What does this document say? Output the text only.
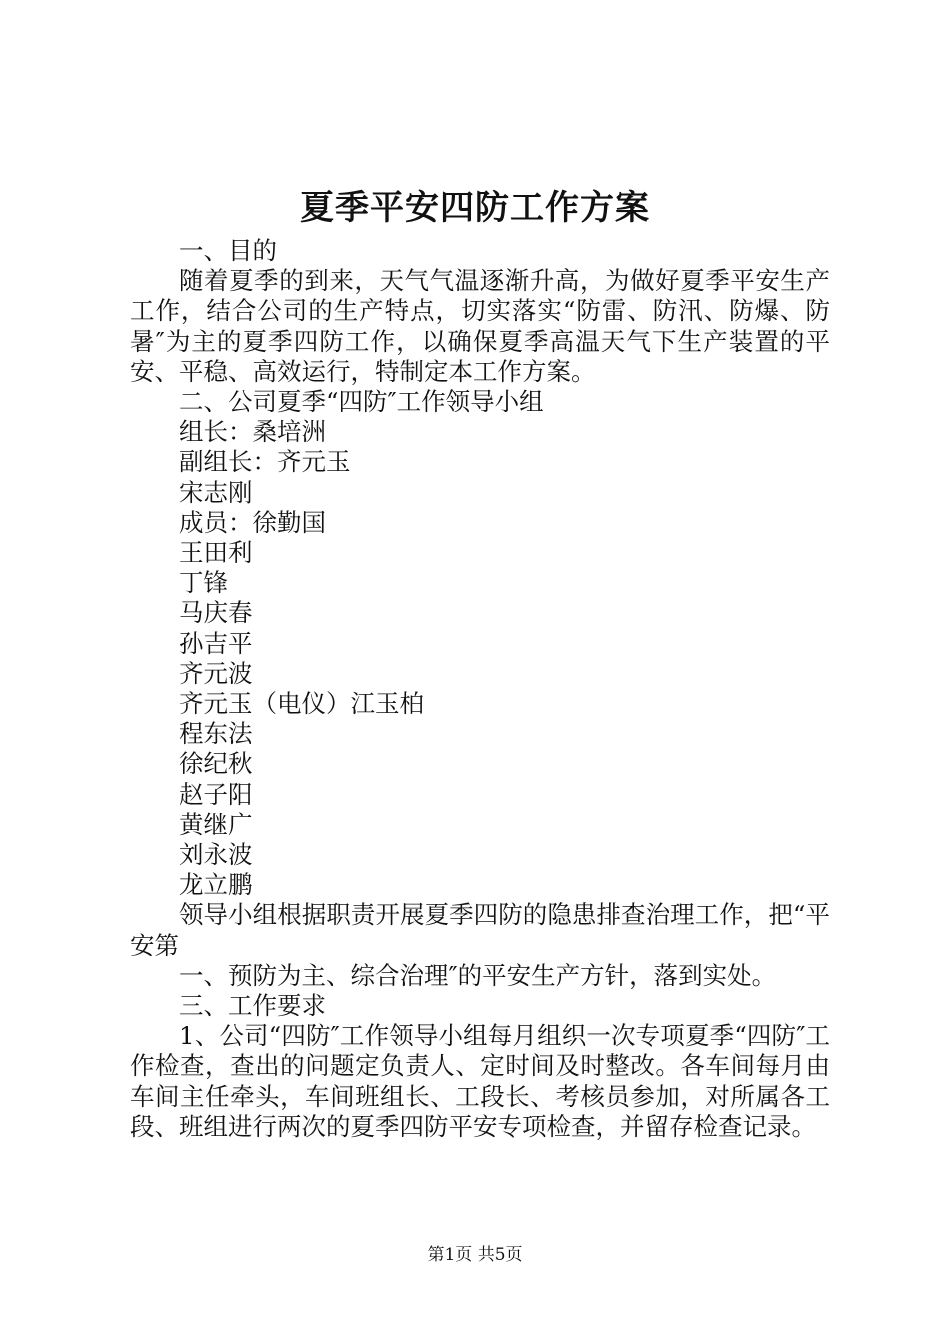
夏季平安四防工作方案

一、目的

随着夏季的到来，天气气温逐渐升高，为做好夏季平安生产工作，结合公司的生产特点，切实落实“防雷、防汛、防爆、防暑″为主的夏季四防工作，以确保夏季高温天气下生产装置的平安、平稳、高效运行，特制定本工作方案。

二、公司夏季“四防″工作领导小组

组长：桑培洲

副组长：齐元玉

宋志刚

成员：徐勤国

王田利

丁锋

马庆春

孙吉平

齐元波

齐元玉（电仪）江玉柏

程东法

徐纪秋

赵子阳

黄继广

刘永波

龙立鹏

领导小组根据职责开展夏季四防的隐患排查治理工作，把“平安第

一、预防为主、综合治理″的平安生产方针，落到实处。

三、工作要求

1、公司“四防″工作领导小组每月组织一次专项夏季“四防″工作检查，查出的问题定负责人、定时间及时整改。各车间每月由车间主任牵头，车间班组长、工段长、考核员参加，对所属各工段、班组进行两次的夏季四防平安专项检查，并留存检查记录。

第1页 共5页
